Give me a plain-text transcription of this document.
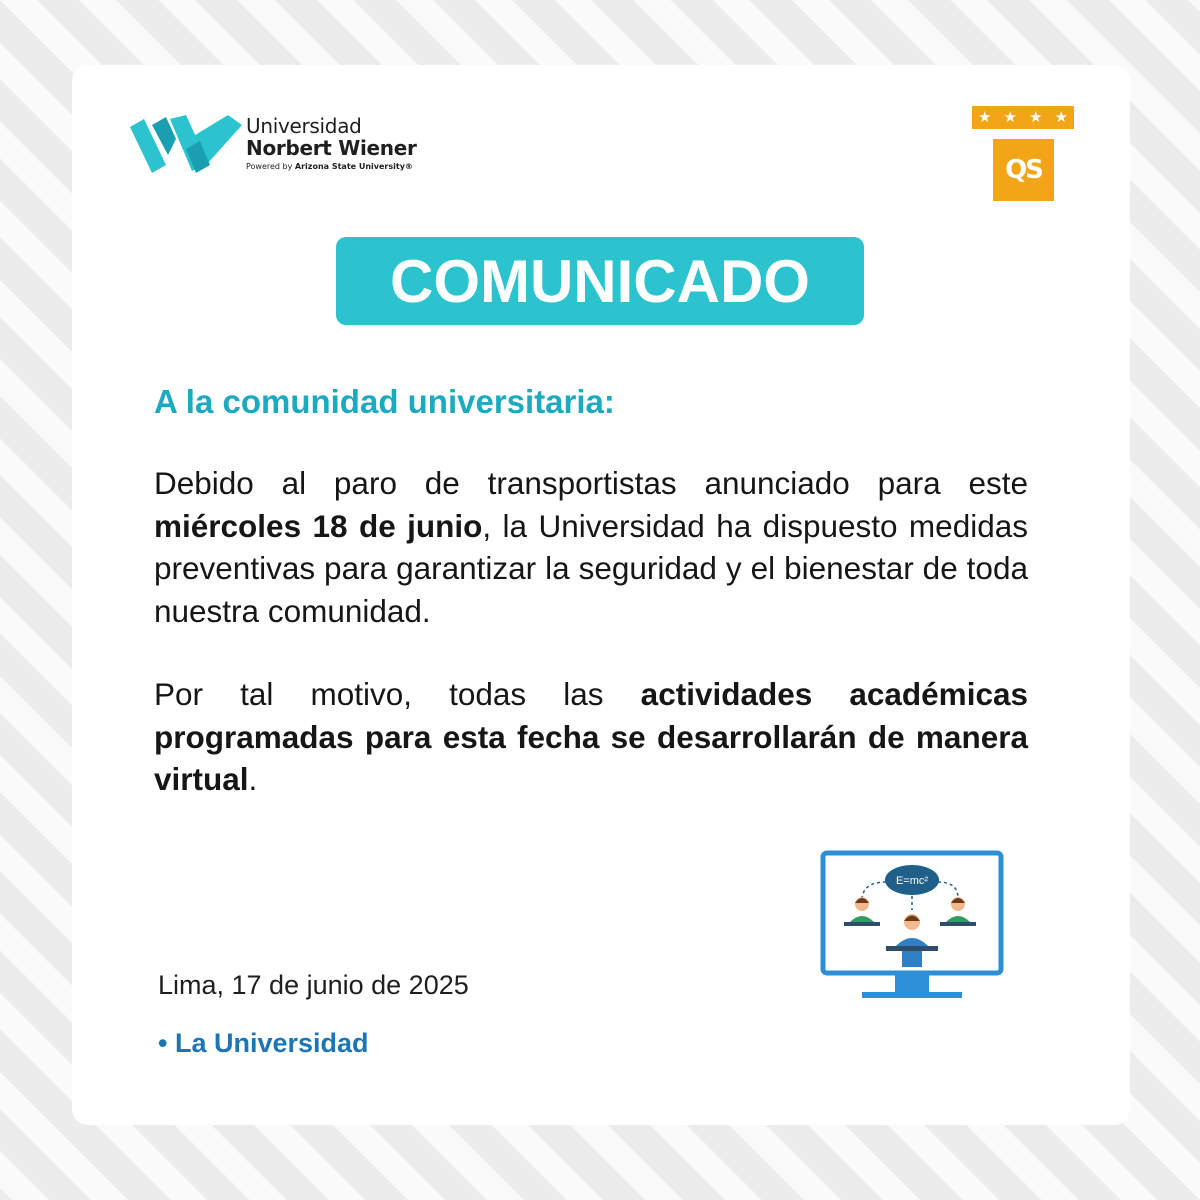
Universidad
Norbert Wiener
Powered by Arizona State University®
★ ★ ★ ★
QS
COMUNICADO
A la comunidad universitaria:

Debido al paro de transportistas anunciado para este miércoles 18 de junio, la Universidad ha dispuesto medidas preventivas para garantizar la seguridad y el bienestar de toda nuestra comunidad.

Por tal motivo, todas las actividades académicas programadas para esta fecha se desarrollarán de manera virtual.

E=mc²
Lima, 17 de junio de 2025
• La Universidad
